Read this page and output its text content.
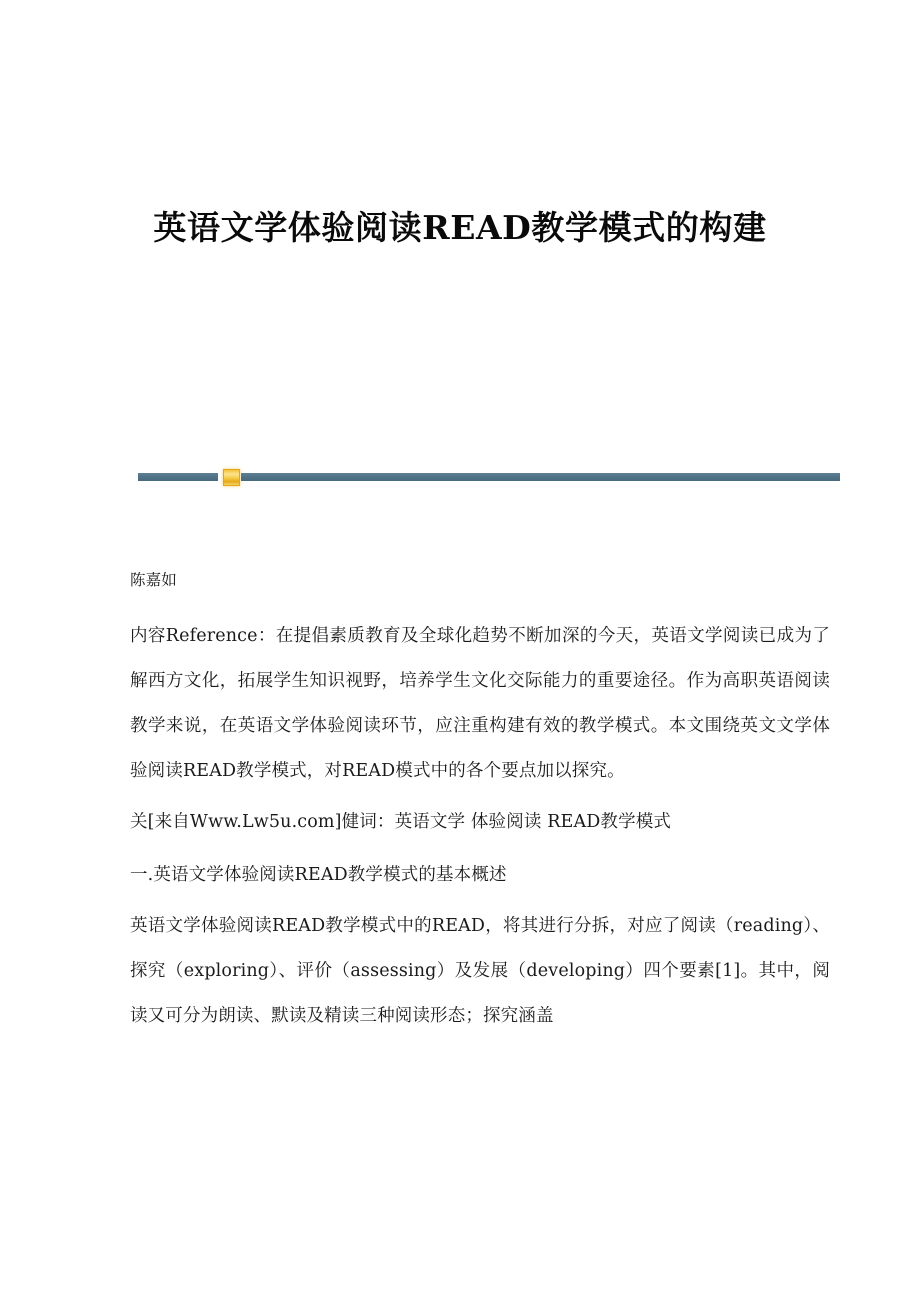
英语文学体验阅读READ教学模式的构建

陈嘉如

内容Reference：在提倡素质教育及全球化趋势不断加深的今天，英语文学阅读已成为了解西方文化，拓展学生知识视野，培养学生文化交际能力的重要途径。作为高职英语阅读教学来说，在英语文学体验阅读环节，应注重构建有效的教学模式。本文围绕英文文学体验阅读READ教学模式，对READ模式中的各个要点加以探究。

关[来自Www.Lw5u.com]健词：英语文学 体验阅读 READ教学模式

一.英语文学体验阅读READ教学模式的基本概述

英语文学体验阅读READ教学模式中的READ，将其进行分拆，对应了阅读（reading）、探究（exploring）、评价（assessing）及发展（developing）四个要素[1]。其中，阅读又可分为朗读、默读及精读三种阅读形态；探究涵盖
